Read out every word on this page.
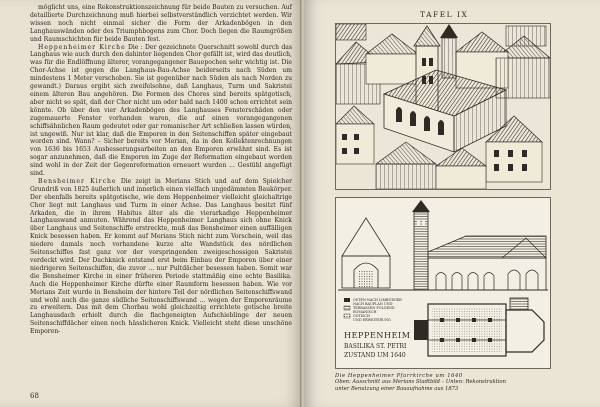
möglicht uns, eine Rekonstruktionszeichnung für beide Bauten zu versuchen. Auf detaillierte Durchzeichnung muß hierbei selbstverständlich verzichtet werden. Wir wissen noch nicht einmal sicher die Form der Arkadenbögen in den Langhauswänden oder des Triumphbogens zum Chor. Doch liegen die Raumgrößen und Raumschichten für beide Bauten fest.

Heppenheimer Kirche Die : Der gezeichnete Querschnitt sowohl durch das Langhaus wie auch durch den dahinter liegenden Chor gefällt ist, wird das deutlich, was für die Endlöffnung älterer, vorangegangener Bauepochen sehr wichtig ist. Die Chor-Achse ist gegen die Langhaus-Bau-Achse beiderseits nach Süden um mindestens 1 Meter verschoben. Sie ist gegenüber nach Süden als nach Norden zu gewandt.) Daraus ergibt sich zweifelsohne, daß Langhaus, Turm und Sakristei einem älteren Bau angehören. Die Formen des Chores sind bereits spätgotisch, aber nicht so spät, daß der Chor nicht um oder bald nach 1400 schon errichtet sein könnte. Ob über den vier Arkadenbögen des Langhauses Fensterschäden oder zugemauerte Fenster vorhanden waren, die auf einen vorangegangenen schiffsähnlichen Raum gedeutet oder gar romanischer Art schließen lassen würden, ist ungewiß. Nur ist klar, daß die Emporen in den Seitenschiffen später eingebaut worden sind. Wann? – Sicher bereits vor Merian, da in den Kollektenrechnungen von 1636 bis 1653 Ausbesserungsarbeiten an den Emporen erwähnt sind. Es ist sogar anzunehmen, daß die Emporen im Zuge der Reformation eingebaut worden sind wohl in der Zeit der Gegenreformation erneuert wurden ... Gestühl angefügt sind.

Bensheimer Kirche Die zeigt in Merians Stich und auf dem Spielcher Grundriß von 1825 äußerlich und innerlich einen vielfach ungedämmten Baukörper. Der ebenfalls bereits spätgotische, wie dem Heppenheimer vielleicht gleichaltrige Chor liegt mit Langhaus und Turm in einer Achse. Das Langhaus besitzt fünf Arkaden, die in ihrem Habitus älter als die vierarkadige Heppenheimer Langhauswand anmuten. Während das Heppenheimer Langhaus sich ohne Knick über Langhaus und Seitenschiffe erstreckte, muß das Bensheimer einen auffälligen Knick besessen haben. Er kommt auf Merians Stich nicht zum Vorschein, weil das niedere damals noch vorhandene kurze alte Wandstück des nördlichen Seitenschiffes fast ganz vor der vorspringenden zweigeschossigen Sakristei verdeckt wird. Der Dachknick entstand erst beim Einbau der Emporen über einer niedrigeren Seitenschiffen, die zuvor ... nur Pultdächer besessen haben. Somit war die Bensheimer Kirche in einer früheren Periode stattmäßig eine echte Basilika. Auch die Heppenheimer Kirche dürfte einer Raumform besessen haben. Wie vor Merians Zeit wurde in Bensheim der hintere Teil der nördlichen Seitenschiffswand und wohl auch die ganze südliche Seitenschiffswand ... wegen der Emporenräume zu erweitern. Das mit dem Chorbau wohl gleichzeitig errichtete gotische breite Langhausdach erhielt durch die flachgeneigten Aufschieblinge der neuen Seitenschiffdächer einen noch hässlicheren Knick. Vielleicht steht diese unschöne Emporen-

68
TAFEL IX
OSTEN-NACH LIMBURGER
NACH BAUPLAN UND
TERRASSEN FOLGEND
ROMANISCH
GOTISCH
UND ERWEITERUNG
HEPPENHEIM
BASILIKA ST. PETRI
ZUSTAND UM 1640
Die Heppenheimer Pfarrkirche um 1640
Oben: Ausschnitt aus Merians Stadtbild – Unten: Rekonstruktion
unter Benutzung einer Bauaufnahme aus 1873
